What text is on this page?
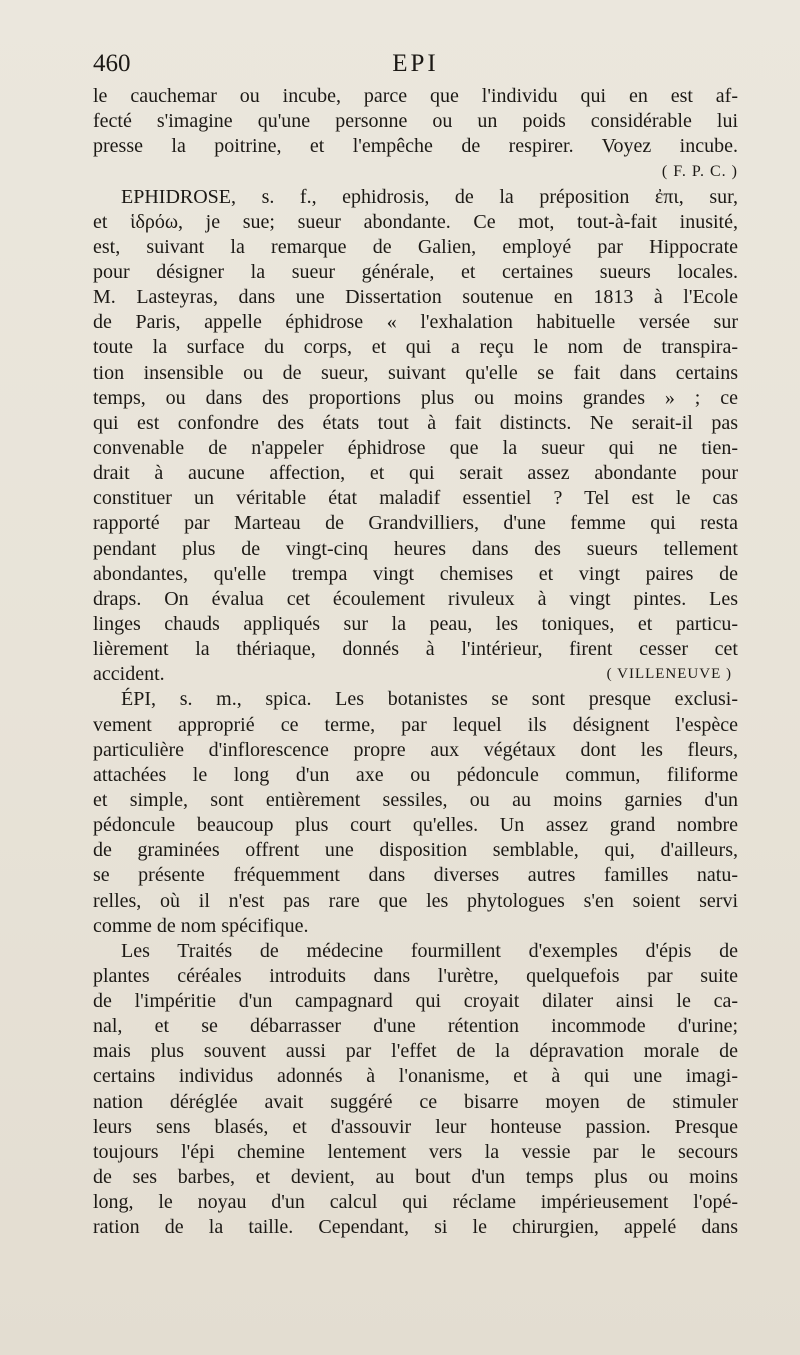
460	EPI
le cauchemar ou incube, parce que l'individu qui en est af-
fecté s'imagine qu'une personne ou un poids considérable lui
presse la poitrine, et l'empêche de respirer. Voyez incube.
( F. P. C. )
EPHIDROSE, s. f., ephidrosis, de la préposition ἐπι, sur,
et ἱδρόω, je sue; sueur abondante. Ce mot, tout-à-fait inusité,
est, suivant la remarque de Galien, employé par Hippocrate
pour désigner la sueur générale, et certaines sueurs locales.
M. Lasteyras, dans une Dissertation soutenue en 1813 à l'Ecole
de Paris, appelle éphidrose « l'exhalation habituelle versée sur
toute la surface du corps, et qui a reçu le nom de transpira-
tion insensible ou de sueur, suivant qu'elle se fait dans certains
temps, ou dans des proportions plus ou moins grandes » ; ce
qui est confondre des états tout à fait distincts. Ne serait-il pas
convenable de n'appeler éphidrose que la sueur qui ne tien-
drait à aucune affection, et qui serait assez abondante pour
constituer un véritable état maladif essentiel ? Tel est le cas
rapporté par Marteau de Grandvilliers, d'une femme qui resta
pendant plus de vingt-cinq heures dans des sueurs tellement
abondantes, qu'elle trempa vingt chemises et vingt paires de
draps. On évalua cet écoulement rivuleux à vingt pintes. Les
linges chauds appliqués sur la peau, les toniques, et particu-
lièrement la thériaque, donnés à l'intérieur, firent cesser cet
accident.	( VILLENEUVE )
ÉPI, s. m., spica. Les botanistes se sont presque exclusi-
vement approprié ce terme, par lequel ils désignent l'espèce
particulière d'inflorescence propre aux végétaux dont les fleurs,
attachées le long d'un axe ou pédoncule commun, filiforme
et simple, sont entièrement sessiles, ou au moins garnies d'un
pédoncule beaucoup plus court qu'elles. Un assez grand nombre
de graminées offrent une disposition semblable, qui, d'ailleurs,
se présente fréquemment dans diverses autres familles natu-
relles, où il n'est pas rare que les phytologues s'en soient servi
comme de nom spécifique.
Les Traités de médecine fourmillent d'exemples d'épis de
plantes céréales introduits dans l'urètre, quelquefois par suite
de l'impéritie d'un campagnard qui croyait dilater ainsi le ca-
nal, et se débarrasser d'une rétention incommode d'urine;
mais plus souvent aussi par l'effet de la dépravation morale de
certains individus adonnés à l'onanisme, et à qui une imagi-
nation déréglée avait suggéré ce bisarre moyen de stimuler
leurs sens blasés, et d'assouvir leur honteuse passion. Presque
toujours l'épi chemine lentement vers la vessie par le secours
de ses barbes, et devient, au bout d'un temps plus ou moins
long, le noyau d'un calcul qui réclame impérieusement l'opé-
ration de la taille. Cependant, si le chirurgien, appelé dans
